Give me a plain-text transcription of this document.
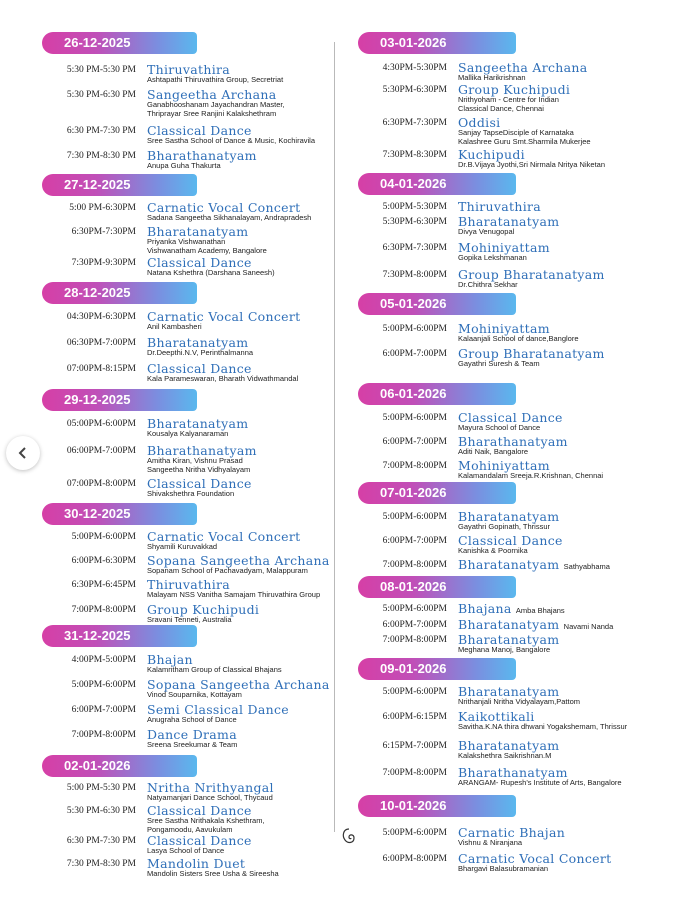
26-12-2025
5:30 PM-5:30 PM Thiruvathira
Ashtapathi Thiruvathira Group, Secretriat
5:30 PM-6:30 PM Sangeetha Archana
Ganabhooshanam Jayachandran Master,
Thriprayar Sree Ranjini Kalakshethram
6:30 PM-7:30 PM Classical Dance
Sree Sastha School of Dance & Music, Kochiravila
7:30 PM-8:30 PM Bharathanatyam
Anupa Guha Thakurta
27-12-2025
5:00 PM-6:30PM Carnatic Vocal Concert
Sadana Sangeetha Sikhanalayam, Andrapradesh
6:30PM-7:30PM Bharatanatyam
Priyanka Vishwanathan
Vishwanatham Academy, Bangalore
7:30PM-9:30PM Classical Dance
Natana Kshethra (Darshana Saneesh)
28-12-2025
04:30PM-6:30PM Carnatic Vocal Concert
Anil Kambasheri
06:30PM-7:00PM Bharatanatyam
Dr.Deepthi.N.V, Perinthalmanna
07:00PM-8:15PM Classical Dance
Kala Parameswaran, Bharath Vidwathmandal
29-12-2025
05:00PM-6:00PM Bharatanatyam
Kousalya Kalyanaraman
06:00PM-7:00PM Bharathanatyam
Amitha Kiran, Vishnu Prasad
Sangeetha Nritha Vidhyalayam
07:00PM-8:00PM Classical Dance
Shivakshethra Foundation
30-12-2025
5:00PM-6:00PM Carnatic Vocal Concert
Shyamili Kuruvakkad
6:00PM-6:30PM Sopana Sangeetha Archana
Sopanam School of Pachavadyam, Malappuram
6:30PM-6:45PM Thiruvathira
Malayam NSS Vanitha Samajam Thiruvathira Group
7:00PM-8:00PM Group Kuchipudi
Sravani Tenneti, Australia
31-12-2025
4:00PM-5:00PM Bhajan
Kalamritham Group of Classical Bhajans
5:00PM-6:00PM Sopana Sangeetha Archana
Vinod Souparnika, Kottayam
6:00PM-7:00PM Semi Classical Dance
Anugraha School of Dance
7:00PM-8:00PM Dance Drama
Sreena Sreekumar & Team
02-01-2026
5:00 PM-5:30 PM Nritha Nrithyangal
Natyamanjari Dance School, Thycaud
5:30 PM-6:30 PM Classical Dance
Sree Sastha Nrithakala Kshethram,
Pongamoodu, Aavukulam
6:30 PM-7:30 PM Classical Dance
Lasya School of Dance
7:30 PM-8:30 PM Mandolin Duet
Mandolin Sisters Sree Usha & Sireesha
03-01-2026
4:30PM-5:30PM Sangeetha Archana
Mallika Harikrishnan
5:30PM-6:30PM Group Kuchipudi
Nrithyoham - Centre for Indian
Classical Dance, Chennai
6:30PM-7:30PM Oddisi
Sanjay TapseDisciple of Karnataka
Kalashree Guru Smt.Sharmila Mukerjee
7:30PM-8:30PM Kuchipudi
Dr.B.Vijaya Jyothi,Sri Nirmala Nritya Niketan
04-01-2026
5:00PM-5:30PM Thiruvathira
5:30PM-6:30PM Bharatanatyam
Divya Venugopal
6:30PM-7:30PM Mohiniyattam
Gopika Lekshmanan
7:30PM-8:00PM Group Bharatanatyam
Dr.Chithra Sekhar
05-01-2026
5:00PM-6:00PM Mohiniyattam
Kalaanjali School of dance,Banglore
6:00PM-7:00PM Group Bharatanatyam
Gayathri Suresh & Team
06-01-2026
5:00PM-6:00PM Classical Dance
Mayura School of Dance
6:00PM-7:00PM Bharathanatyam
Aditi Naik, Bangalore
7:00PM-8:00PM Mohiniyattam
Kalamandalam Sreeja.R.Krishnan, Chennai
07-01-2026
5:00PM-6:00PM Bharatanatyam
Gayathri Gopinath, Thrissur
6:00PM-7:00PM Classical Dance
Kanishka & Poornika
7:00PM-8:00PM Bharatanatyam Sathyabhama
08-01-2026
5:00PM-6:00PM Bhajana Amba Bhajans
6:00PM-7:00PM Bharatanatyam Navami Nanda
7:00PM-8:00PM Bharatanatyam
Meghana Manoj, Bangalore
09-01-2026
5:00PM-6:00PM Bharatanatyam
Nrithanjali Nritha Vidyalayam,Pattom
6:00PM-6:15PM Kaikottikali
Savitha.K.NA thira dhwani Yogakshemam, Thrissur
6:15PM-7:00PM Bharatanatyam
Kalakshethra Saikrishnan.M
7:00PM-8:00PM Bharathanatyam
ARANGAM- Rupesh's Institute of Arts, Bangalore
10-01-2026
5:00PM-6:00PM Carnatic Bhajan
Vishnu & Niranjana
6:00PM-8:00PM Carnatic Vocal Concert
Bhargavi Balasubramanian
